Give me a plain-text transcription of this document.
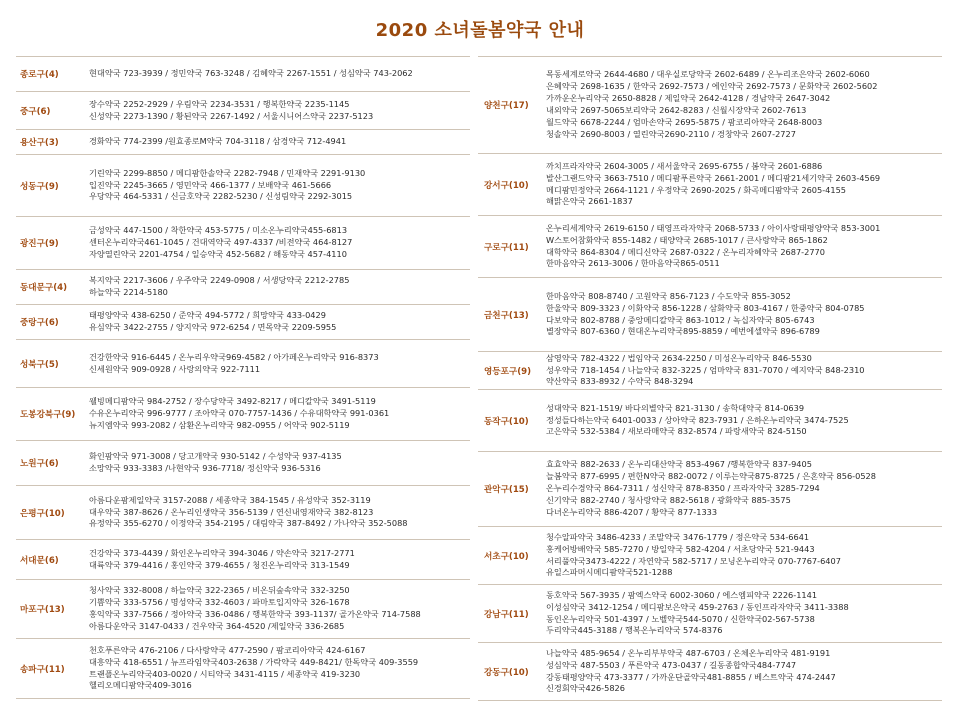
2020 소녀돌봄약국 안내
종로구(4)	현대약국 723-3939 / 정민약국 763-3248 / 김혜약국 2267-1551 / 성심약국 743-2062
중구(6)
장수약국 2252-2929 / 우림약국 2234-3531 / 행복한약국 2235-1145
신성약국 2273-1390 / 황된약국 2267-1492 / 서울시니어스약국 2237-5123
용산구(3)	경화약국 774-2399 /원효종로M약국 704-3118 / 삼경약국 712-4941
성동구(9)
기린약국 2299-8850 / 메디팜한솔약국 2282-7948 / 민재약국 2291-9130
입진약국 2245-3665 / 영민약국 466-1377 / 보배약국 461-5666
우당약국 464-5331 / 신금호약국 2282-5230 / 신성림약국 2292-3015
광진구(9)
금성약국 447-1500 / 착한약국 453-5775 / 미소온누리약국455-6813
센터온누리약국461-1045 / 건대역약국 497-4337 /비전약국 464-8127
자양열린약국 2201-4754 / 일승약국 452-5682 / 해동약국 457-4110
동대문구(4)
복지약국 2217-3606 / 우주약국 2249-0908 / 서생당약국 2212-2785
하늘약국 2214-5180
중랑구(6)
태평양약국 438-6250 / 준약국 494-5772 / 희망약국 433-0429
유심약국 3422-2755 / 양지약국 972-6254 / 면목약국 2209-5955
성북구(5)
건강한약국 916-6445 / 온누리우약국969-4582 / 아가페온누리약국 916-8373
신세원약국 909-0928 / 사랑의약국 922-7111
도봉강북구(9)
웰빙메디팜약국 984-2752 / 장수당약국 3492-8217 / 메디칼약국 3491-5119
수유온누리약국 996-9777 / 조아약국 070-7757-1436 / 수유대학약국 991-0361
뉴지엠약국 993-2082 / 삼환온누리약국 982-0955 / 어약국 902-5119
노원구(6)
화인팜약국 971-3008 / 당고개약국 930-5142 / 수성약국 937-4135
소망약국 933-3383 /나현약국 936-7718/ 정신약국 936-5316
은평구(10)
아름다운팜제일약국 3157-2088 / 세종약국 384-1545 / 유성약국 352-3119
대우약국 387-8626 / 온누리인생약국 356-5139 / 연신내영재약국 382-8123
유정약국 355-6270 / 이정약국 354-2195 / 대림약국 387-8492 / 가나약국 352-5088
서대문(6)
건강약국 373-4439 / 화인온누리약국 394-3046 / 약손약국 3217-2771
대륙약국 379-4416 / 홍인약국 379-4655 / 청진온누리약국 313-1549
마포구(13)
청사약국 332-8008 / 하늘약국 322-2365 / 비온뒤숲속약국 332-3250
기쁨약국 333-5756 / 명성약국 332-4603 / 파마토입지약국 326-1678
홍익약국 337-7566 / 정아약국 336-0486 / 행복한약국 393-1137/ 골가온약국 714-7588
아름다운약국 3147-0433 / 건우약국 364-4520 /제일약국 336-2685
송파구(11)
천호푸른약국 476-2106 / 다사랑약국 477-2590 / 팜코리아약국 424-6167
대흥약국 418-6551 / 뉴프라임약국403-2638 / 가락약국 449-8421/ 한독약국 409-3559
트랜플온누리약국403-0020 / 시티약국 3431-4115 / 세종약국 419-3230
헬리오메디팜약국409-3016
양천구(17)
목동세계로약국 2644-4680 / 대우실로당약국 2602-6489 / 온누리조은약국 2602-6060
은혜약국 2698-1635 / 한약국 2692-7573 / 에인약국 2692-7573 / 문화약국 2602-5602
가까운온누리약국 2650-8828 / 제일약국 2642-4128 / 경남약국 2647-3042
내외약국 2697-5065보리약국 2642-8283 / 신월시장약국 2602-7613
월드약국 6678-2244 / 엄마손약국 2695-5875 / 팜코리아약국 2648-8003
청솔약국 2690-8003 / 열린약국2690-2110 / 경창약국 2607-2727
강서구(10)
까치프라자약국 2604-3005 / 새서울약국 2695-6755 / 봄약국 2601-6886
발산그랜드약국 3663-7510 / 메디팜푸른약국 2661-2001 / 메디팜21세기약국 2603-4569
메디팜민정약국 2664-1121 / 우정약국 2690-2025 / 화곡메디팜약국 2605-4155
해맑은약국 2661-1837
구로구(11)
온누리세계약국 2619-6150 / 태영프라자약국 2068-5733 / 아이사랑태평양약국 853-3001
W스토어참화약국 855-1482 / 태양약국 2685-1017 / 큰사랑약국 865-1862
대학약국 864-8304 / 메디신약국 2687-0322 / 온누리자혜약국 2687-2770
한마음약국 2613-3006 / 한마음약국865-0511
금천구(13)
한마음약국 808-8740 / 고원약국 856-7123 / 수도약국 855-3052
한울약국 809-3323 / 이화약국 856-1228 / 삼화약국 803-4167 / 한중약국 804-0785
다보약국 802-8788 / 중앙메디칼약국 863-1012 / 녹십자약국 805-6743
별장약국 807-6360 / 현대온누리약국895-8859 / 예번에셀약국 896-6789
영등포구(9)
삼영약국 782-4322 / 법임약국 2634-2250 / 미성온누리약국 846-5530
성우약국 718-1454 / 나늘약국 832-3225 / 엄마약국 831-7070 / 예지약국 848-2310
약산약국 833-8932 / 수약국 848-3294
동작구(10)
성대약국 821-1519/ 바다의별약국 821-3130 / 송학대약국 814-0639
정성들다하는약국 6401-0033 / 상아약국 823-7931 / 은하온누리약국 3474-7525
고은약국 532-5384 / 새보라매약국 832-8574 / 파랑새약국 824-5150
관악구(15)
효효약국 882-2633 / 온누리대산약국 853-4967 /행복한약국 837-9405
늘봄약국 877-6995 / 편한N약국 882-0072 / 이루는약국875-8725 / 은혼약국 856-0528
온누리수경약국 864-7311 / 성신약국 878-8350 / 프라자약국 3285-7294
신기약국 882-2740 / 청사랑약국 882-5618 / 광화약국 885-3575
다녀온누리약국 886-4207 / 황약국 877-1333
서초구(10)
청수알파약국 3486-4233 / 조말약국 3476-1779 / 정은약국 534-6641
홍케어방배약국 585-7270 / 방일약국 582-4204 / 서초당약국 521-9443
서리풀약국3473-4222 / 자연약국 582-5717 / 모닝온누리약국 070-7767-6407
유일스파머시메디팜약국521-1288
강남구(11)
동호약국 567-3935 / 팜엑스약국 6002-3060 / 에스엠피약국 2226-1141
이성심약국 3412-1254 / 메디팜보은약국 459-2763 / 동인프라자약국 3411-3388
동인온누리약국 501-4397 / 노벨약국544-5070 / 신한약국02-567-5738
두리약국445-3188 / 행복온누리약국 574-8376
강동구(10)
나늘약국 485-9654 / 온누리부부약국 487-6703 / 온체온누리약국 481-9191
성심약국 487-5503 / 푸른약국 473-0437 / 길동종합약국484-7747
강동태평양약국 473-3377 / 가까운단골약국481-8855 / 베스트약국 474-2447
신경회약국426-5826
